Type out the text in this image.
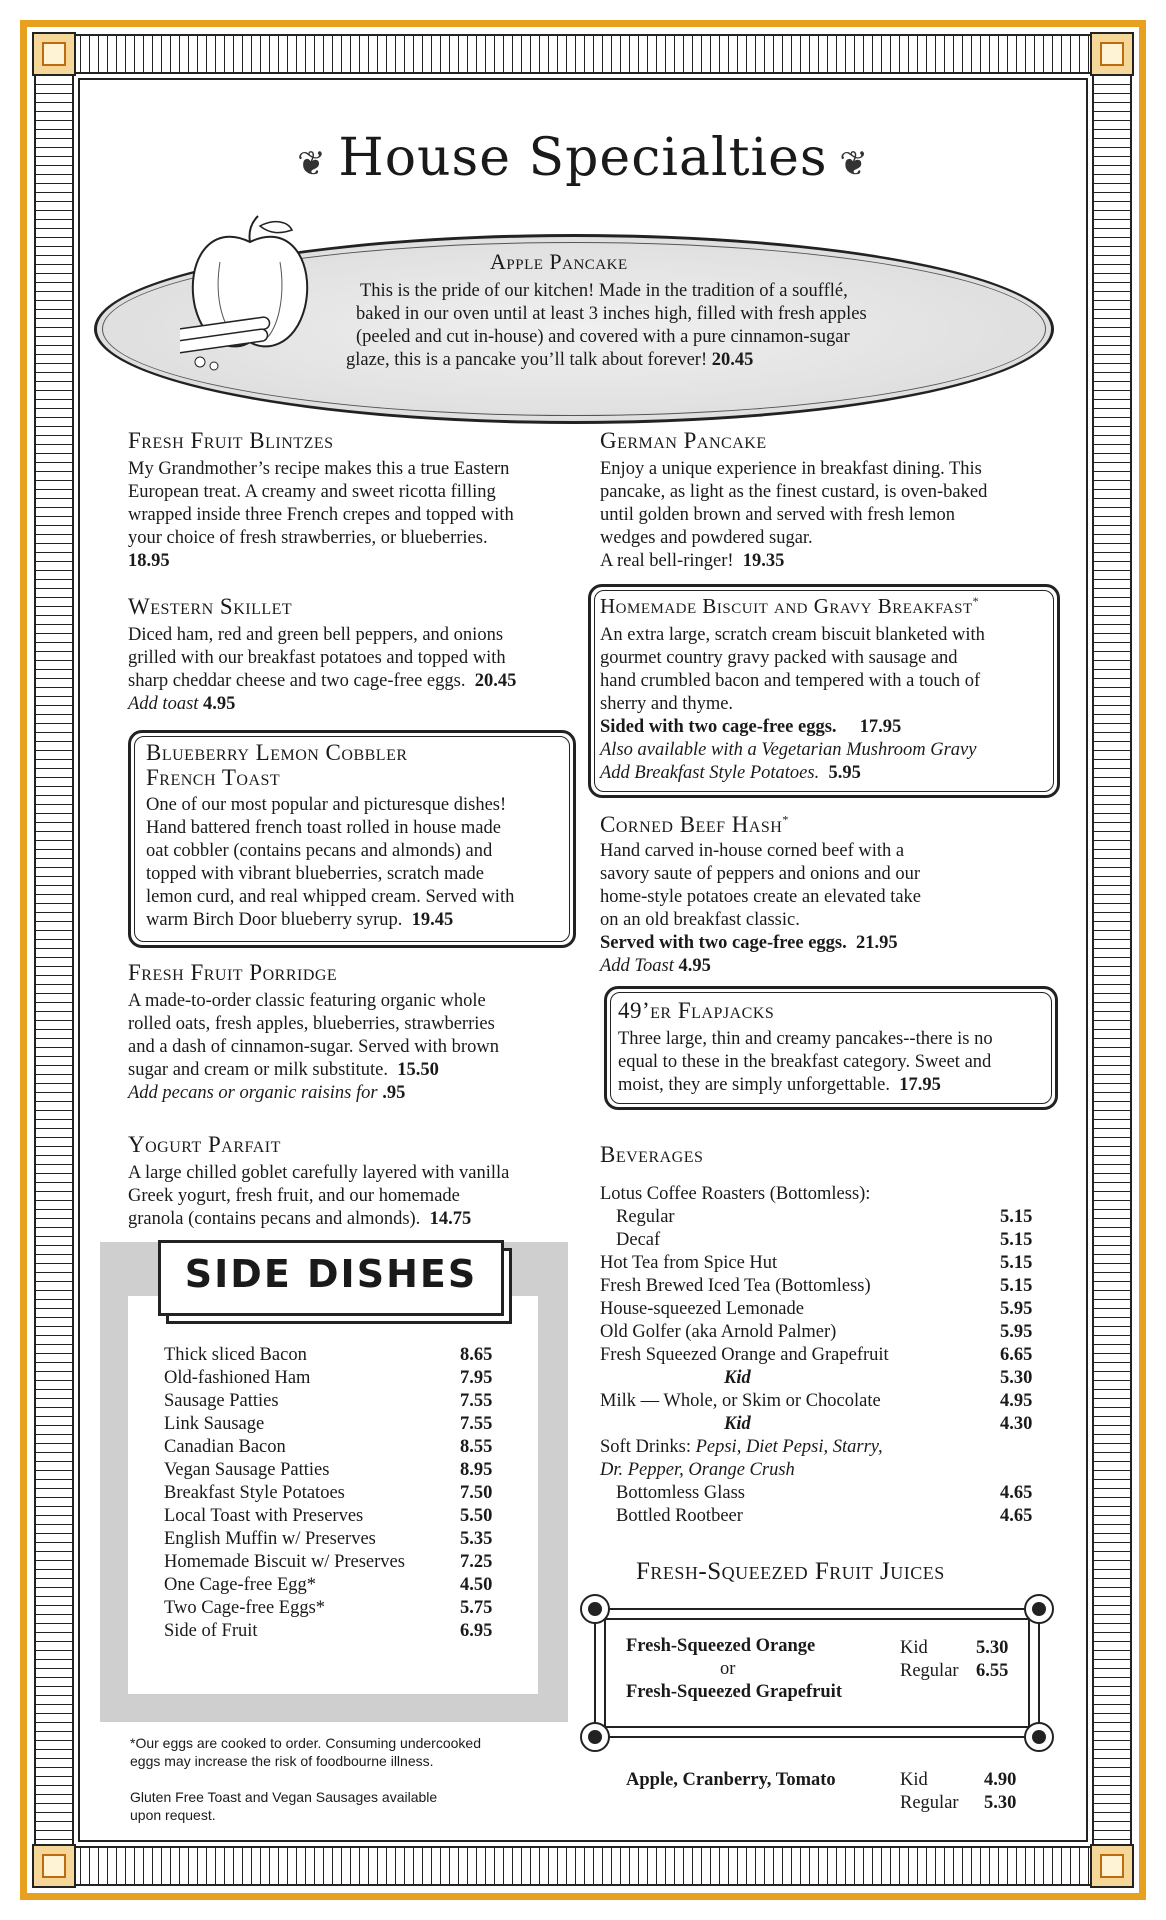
❦ House Specialties ❦
Apple Pancake
This is the pride of our kitchen! Made in the tradition of a soufflé,
baked in our oven until at least 3 inches high, filled with fresh apples
(peeled and cut in-house) and covered with a pure cinnamon-sugar
glaze, this is a pancake you’ll talk about forever! 20.45
Fresh Fruit Blintzes
My Grandmother’s recipe makes this a true Eastern
European treat. A creamy and sweet ricotta filling
wrapped inside three French crepes and topped with
your choice of fresh strawberries, or blueberries.
18.95
Western Skillet
Diced ham, red and green bell peppers, and onions
grilled with our breakfast potatoes and topped with
sharp cheddar cheese and two cage-free eggs. 20.45
Add toast 4.95
Blueberry Lemon Cobbler
French Toast
One of our most popular and picturesque dishes!
Hand battered french toast rolled in house made
oat cobbler (contains pecans and almonds) and
topped with vibrant blueberries, scratch made
lemon curd, and real whipped cream. Served with
warm Birch Door blueberry syrup. 19.45
Fresh Fruit Porridge
A made-to-order classic featuring organic whole
rolled oats, fresh apples, blueberries, strawberries
and a dash of cinnamon-sugar. Served with brown
sugar and cream or milk substitute. 15.50
Add pecans or organic raisins for .95
Yogurt Parfait
A large chilled goblet carefully layered with vanilla
Greek yogurt, fresh fruit, and our homemade
granola (contains pecans and almonds). 14.75
SIDE DISHES
Thick sliced Bacon	8.65
Old-fashioned Ham	7.95
Sausage Patties	7.55
Link Sausage	7.55
Canadian Bacon	8.55
Vegan Sausage Patties	8.95
Breakfast Style Potatoes	7.50
Local Toast with Preserves	5.50
English Muffin w/ Preserves	5.35
Homemade Biscuit w/ Preserves	7.25
One Cage-free Egg*	4.50
Two Cage-free Eggs*	5.75
Side of Fruit	6.95
*Our eggs are cooked to order. Consuming undercooked
eggs may increase the risk of foodbourne illness.
Gluten Free Toast and Vegan Sausages available
upon request.
German Pancake
Enjoy a unique experience in breakfast dining. This
pancake, as light as the finest custard, is oven-baked
until golden brown and served with fresh lemon
wedges and powdered sugar.
A real bell-ringer! 19.35
Homemade Biscuit and Gravy Breakfast*
An extra large, scratch cream biscuit blanketed with
gourmet country gravy packed with sausage and
hand crumbled bacon and tempered with a touch of
sherry and thyme.
Sided with two cage-free eggs. 17.95
Also available with a Vegetarian Mushroom Gravy
Add Breakfast Style Potatoes. 5.95
Corned Beef Hash*
Hand carved in-house corned beef with a
savory saute of peppers and onions and our
home-style potatoes create an elevated take
on an old breakfast classic.
Served with two cage-free eggs. 21.95
Add Toast 4.95
49’er Flapjacks
Three large, thin and creamy pancakes--there is no
equal to these in the breakfast category. Sweet and
moist, they are simply unforgettable. 17.95
Beverages
Lotus Coffee Roasters (Bottomless):
Regular	5.15
Decaf	5.15
Hot Tea from Spice Hut	5.15
Fresh Brewed Iced Tea (Bottomless)	5.15
House-squeezed Lemonade	5.95
Old Golfer (aka Arnold Palmer)	5.95
Fresh Squeezed Orange and Grapefruit	6.65
Kid	5.30
Milk — Whole, or Skim or Chocolate	4.95
Kid	4.30
Soft Drinks: Pepsi, Diet Pepsi, Starry,
Dr. Pepper, Orange Crush
Bottomless Glass	4.65
Bottled Rootbeer	4.65
Fresh-Squeezed Fruit Juices
Fresh-Squeezed Orange
or
Fresh-Squeezed Grapefruit
Kid	5.30
Regular 6.55
Apple, Cranberry, Tomato	Kid	4.90
Regular 5.30
